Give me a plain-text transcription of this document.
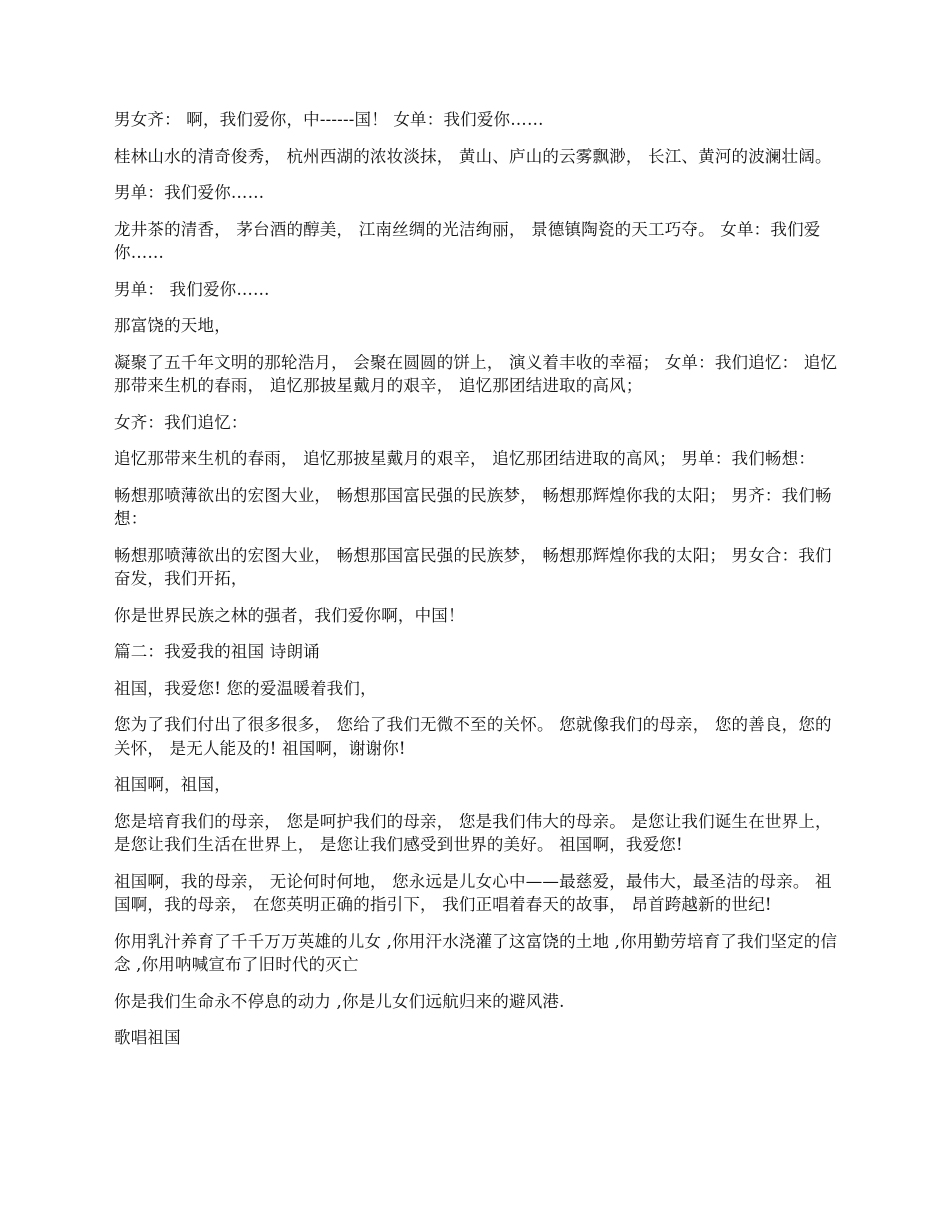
男女齐： 啊，我们爱你，中------国！ 女单：我们爱你……

桂林山水的清奇俊秀， 杭州西湖的浓妆淡抹， 黄山、庐山的云雾飘渺， 长江、黄河的波澜壮阔。

男单：我们爱你……

龙井茶的清香， 茅台酒的醇美， 江南丝绸的光洁绚丽， 景德镇陶瓷的天工巧夺。 女单：我们爱你……

男单： 我们爱你……

那富饶的天地，

凝聚了五千年文明的那轮浩月， 会聚在圆圆的饼上， 演义着丰收的幸福； 女单：我们追忆： 追忆那带来生机的春雨， 追忆那披星戴月的艰辛， 追忆那团结进取的高风；

女齐：我们追忆：

追忆那带来生机的春雨， 追忆那披星戴月的艰辛， 追忆那团结进取的高风； 男单：我们畅想：

畅想那喷薄欲出的宏图大业， 畅想那国富民强的民族梦， 畅想那辉煌你我的太阳； 男齐：我们畅想：

畅想那喷薄欲出的宏图大业， 畅想那国富民强的民族梦， 畅想那辉煌你我的太阳； 男女合：我们奋发，我们开拓，

你是世界民族之林的强者，我们爱你啊，中国！

篇二：我爱我的祖国 诗朗诵

祖国，我爱您! 您的爱温暖着我们，

您为了我们付出了很多很多， 您给了我们无微不至的关怀。 您就像我们的母亲， 您的善良，您的关怀， 是无人能及的! 祖国啊，谢谢你!

祖国啊，祖国，

您是培育我们的母亲， 您是呵护我们的母亲， 您是我们伟大的母亲。 是您让我们诞生在世界上， 是您让我们生活在世界上， 是您让我们感受到世界的美好。 祖国啊，我爱您!

祖国啊，我的母亲， 无论何时何地， 您永远是儿女心中——最慈爱，最伟大，最圣洁的母亲。 祖国啊，我的母亲， 在您英明正确的指引下， 我们正唱着春天的故事， 昂首跨越新的世纪!

你用乳汁养育了千千万万英雄的儿女 ,你用汗水浇灌了这富饶的土地 ,你用勤劳培育了我们坚定的信念 ,你用呐喊宣布了旧时代的灭亡

你是我们生命永不停息的动力 ,你是儿女们远航归来的避风港.

歌唱祖国
